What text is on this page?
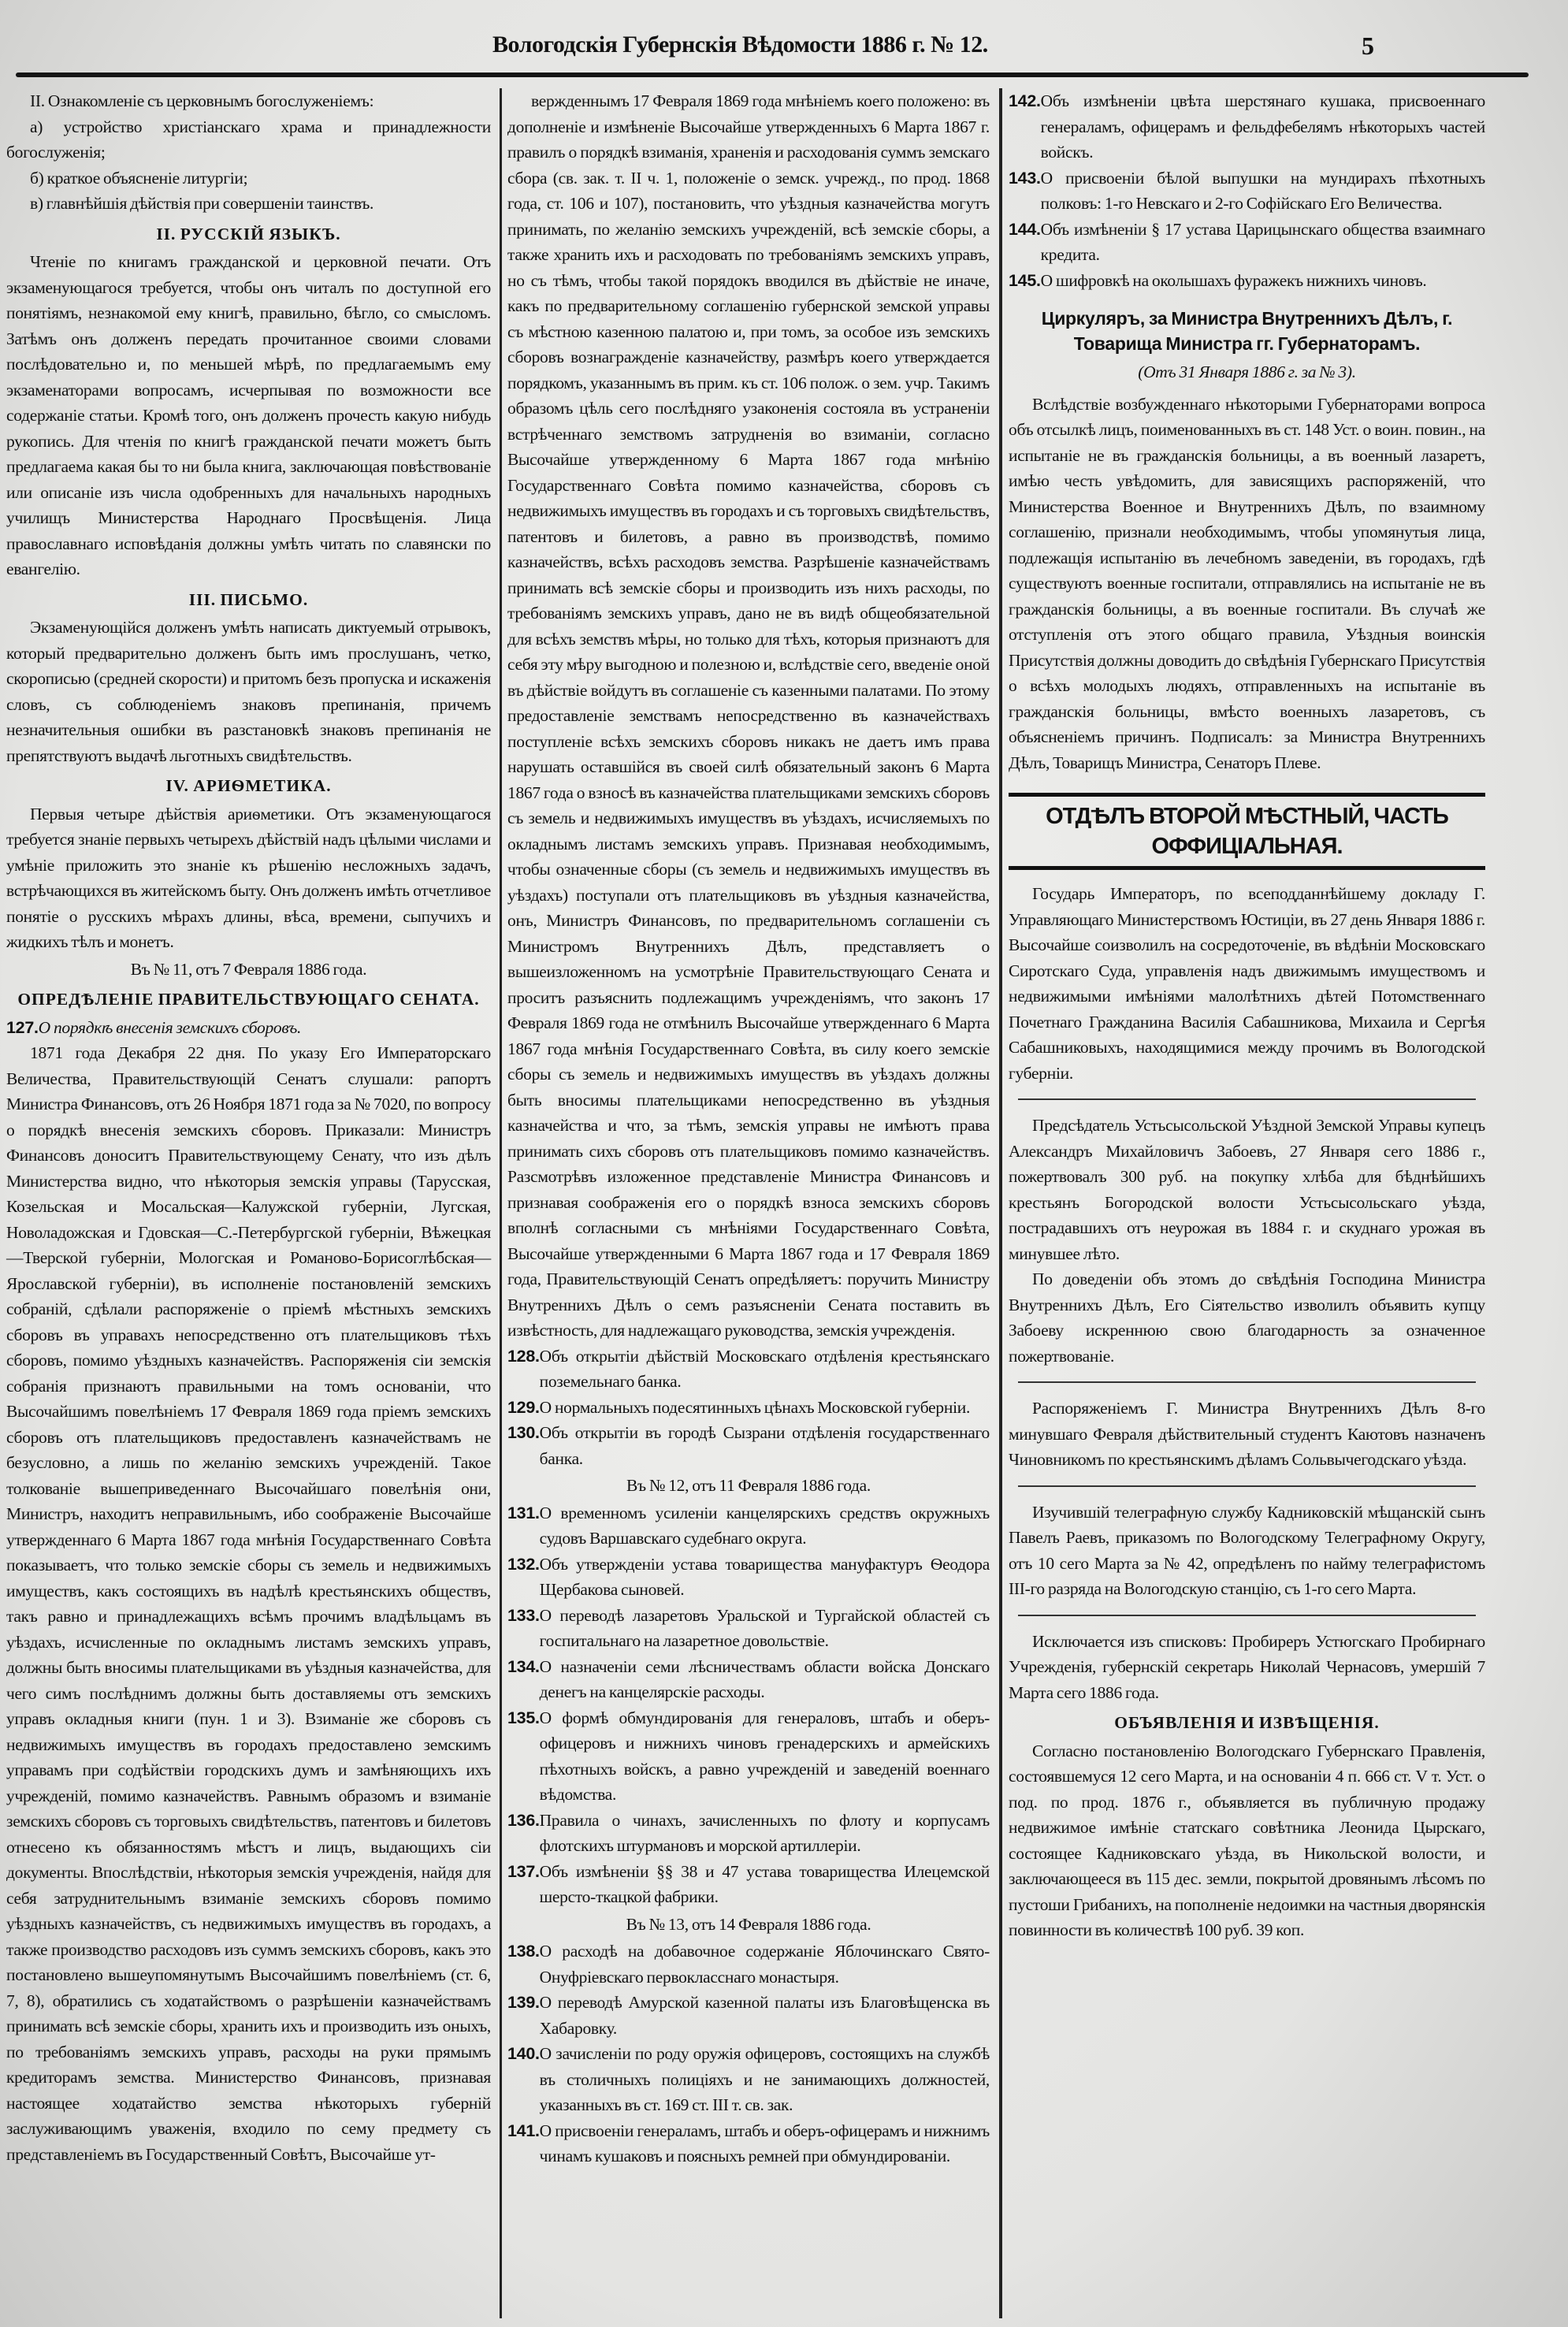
Вологодскія Губернскія Вѣдомости 1886 г. № 12.	5
II. Ознакомленіе съ церковнымъ богослуженіемъ:
а) устройство христіанскаго храма и принадлежности богослуженія;
б) краткое объясненіе литургіи;
в) главнѣйшія дѣйствія при совершеніи таинствъ.
II. РУССКІЙ ЯЗЫКЪ.
Чтеніе по книгамъ гражданской и церковной печати. Отъ экзаменующагося требуется, чтобы онъ читалъ по доступной его понятіямъ, незнакомой ему книгѣ, правильно, бѣгло, со смысломъ. Затѣмъ онъ долженъ передать прочитанное своими словами послѣдовательно и, по меньшей мѣрѣ, по предлагаемымъ ему экзаменаторами вопросамъ, исчерпывая по возможности все содержаніе статьи. Кромѣ того, онъ долженъ прочесть какую нибудь рукопись. Для чтенія по книгѣ гражданской печати можетъ быть предлагаема какая бы то ни была книга, заключающая повѣствованіе или описаніе изъ числа одобренныхъ для начальныхъ народныхъ училищъ Министерства Народнаго Просвѣщенія. Лица православнаго исповѣданія должны умѣть читать по славянски по евангелію.
III. ПИСЬМО.
Экзаменующійся долженъ умѣть написать диктуемый отрывокъ, который предварительно долженъ быть имъ прослушанъ, четко, скорописью (средней скорости) и притомъ безъ пропуска и искаженія словъ, съ соблюденіемъ знаковъ препинанія, причемъ незначительныя ошибки въ разстановкѣ знаковъ препинанія не препятствуютъ выдачѣ льготныхъ свидѣтельствъ.
IV. АРИѲМЕТИКА.
Первыя четыре дѣйствія ариѳметики. Отъ экзаменующагося требуется знаніе первыхъ четырехъ дѣйствій надъ цѣлыми числами и умѣніе приложить это знаніе къ рѣшенію несложныхъ задачъ, встрѣчающихся въ житейскомъ быту. Онъ долженъ имѣть отчетливое понятіе о русскихъ мѣрахъ длины, вѣса, времени, сыпучихъ и жидкихъ тѣлъ и монетъ.
Въ № 11, отъ 7 Февраля 1886 года.
ОПРЕДѢЛЕНІЕ ПРАВИТЕЛЬСТВУЮЩАГО СЕНАТА.
127. О порядкѣ внесенія земскихъ сборовъ.
1871 года Декабря 22 дня. По указу Его Императорскаго Величества, Правительствующій Сенатъ слушали: рапортъ Министра Финансовъ, отъ 26 Ноября 1871 года за № 7020, по вопросу о порядкѣ внесенія земскихъ сборовъ. Приказали: Министръ Финансовъ доноситъ Правительствующему Сенату, что изъ дѣлъ Министерства видно, что нѣкоторыя земскія управы (Тарусская, Козельская и Мосальская—Калужской губерніи, Лугская, Новоладожская и Гдовская—С.-Петербургской губерніи, Вѣжецкая—Тверской губерніи, Мологская и Романово-Борисоглѣбская—Ярославской губерніи), въ исполненіе постановленій земскихъ собраній, сдѣлали распоряженіе о пріемѣ мѣстныхъ земскихъ сборовъ въ управахъ непосредственно отъ плательщиковъ тѣхъ сборовъ, помимо уѣздныхъ казначействъ. Распоряженія сіи земскія собранія признаютъ правильными на томъ основаніи, что Высочайшимъ повелѣніемъ 17 Февраля 1869 года пріемъ земскихъ сборовъ отъ плательщиковъ предоставленъ казначействамъ не безусловно, а лишь по желанію земскихъ учрежденій. Такое толкованіе вышеприведеннаго Высочайшаго повелѣнія они, Министръ, находитъ неправильнымъ, ибо соображеніе Высочайше утвержденнаго 6 Марта 1867 года мнѣнія Государственнаго Совѣта показываетъ, что только земскіе сборы съ земель и недвижимыхъ имуществъ, какъ состоящихъ въ надѣлѣ крестьянскихъ обществъ, такъ равно и принадлежащихъ всѣмъ прочимъ владѣльцамъ въ уѣздахъ, исчисленные по окладнымъ листамъ земскихъ управъ, должны быть вносимы плательщиками въ уѣздныя казначейства, для чего симъ послѣднимъ должны быть доставляемы отъ земскихъ управъ окладныя книги (пун. 1 и 3). Взиманіе же сборовъ съ недвижимыхъ имуществъ въ городахъ предоставлено земскимъ управамъ при содѣйствіи городскихъ думъ и замѣняющихъ ихъ учрежденій, помимо казначействъ. Равнымъ образомъ и взиманіе земскихъ сборовъ съ торговыхъ свидѣтельствъ, патентовъ и билетовъ отнесено къ обязанностямъ мѣстъ и лицъ, выдающихъ сіи документы. Впослѣдствіи, нѣкоторыя земскія учрежденія, найдя для себя затруднительнымъ взиманіе земскихъ сборовъ помимо уѣздныхъ казначействъ, съ недвижимыхъ имуществъ въ городахъ, а также производство расходовъ изъ суммъ земскихъ сборовъ, какъ это постановлено вышеупомянутымъ Высочайшимъ повелѣніемъ (ст. 6, 7, 8), обратились съ ходатайствомъ о разрѣшеніи казначействамъ принимать всѣ земскіе сборы, хранить ихъ и производить изъ оныхъ, по требованіямъ земскихъ управъ, расходы на руки прямымъ кредиторамъ земства. Министерство Финансовъ, признавая настоящее ходатайство земства нѣкоторыхъ губерній заслуживающимъ уваженія, входило по сему предмету съ представленіемъ въ Государственный Совѣтъ, Высочайше ут-
вержденнымъ 17 Февраля 1869 года мнѣніемъ коего положено: въ дополненіе и измѣненіе Высочайше утвержденныхъ 6 Марта 1867 г. правилъ о порядкѣ взиманія, храненія и расходованія суммъ земскаго сбора (св. зак. т. II ч. 1, положеніе о земск. учрежд., по прод. 1868 года, ст. 106 и 107), постановить, что уѣздныя казначейства могутъ принимать, по желанію земскихъ учрежденій, всѣ земскіе сборы, а также хранить ихъ и расходовать по требованіямъ земскихъ управъ, но съ тѣмъ, чтобы такой порядокъ вводился въ дѣйствіе не иначе, какъ по предварительному соглашенію губернской земской управы съ мѣстною казенною палатою и, при томъ, за особое изъ земскихъ сборовъ вознагражденіе казначейству, размѣръ коего утверждается порядкомъ, указаннымъ въ прим. къ ст. 106 полож. о зем. учр. Такимъ образомъ цѣль сего послѣдняго узаконенія состояла въ устраненіи встрѣченнаго земствомъ затрудненія во взиманіи, согласно Высочайше утвержденному 6 Марта 1867 года мнѣнію Государственнаго Совѣта помимо казначейства, сборовъ съ недвижимыхъ имуществъ въ городахъ и съ торговыхъ свидѣтельствъ, патентовъ и билетовъ, а равно въ производствѣ, помимо казначействъ, всѣхъ расходовъ земства. Разрѣшеніе казначействамъ принимать всѣ земскіе сборы и производить изъ нихъ расходы, по требованіямъ земскихъ управъ, дано не въ видѣ общеобязательной для всѣхъ земствъ мѣры, но только для тѣхъ, которыя признаютъ для себя эту мѣру выгодною и полезною и, вслѣдствіе сего, введеніе оной въ дѣйствіе войдутъ въ соглашеніе съ казенными палатами. По этому предоставленіе земствамъ непосредственно въ казначействахъ поступленіе всѣхъ земскихъ сборовъ никакъ не даетъ имъ права нарушать оставшійся въ своей силѣ обязательный законъ 6 Марта 1867 года о взносѣ въ казначейства плательщиками земскихъ сборовъ съ земель и недвижимыхъ имуществъ въ уѣздахъ, исчисляемыхъ по окладнымъ листамъ земскихъ управъ. Признавая необходимымъ, чтобы означенные сборы (съ земель и недвижимыхъ имуществъ въ уѣздахъ) поступали отъ плательщиковъ въ уѣздныя казначейства, онъ, Министръ Финансовъ, по предварительномъ соглашеніи съ Министромъ Внутреннихъ Дѣлъ, представляетъ о вышеизложенномъ на усмотрѣніе Правительствующаго Сената и проситъ разъяснить подлежащимъ учрежденіямъ, что законъ 17 Февраля 1869 года не отмѣнилъ Высочайше утвержденнаго 6 Марта 1867 года мнѣнія Государственнаго Совѣта, въ силу коего земскіе сборы съ земель и недвижимыхъ имуществъ въ уѣздахъ должны быть вносимы плательщиками непосредственно въ уѣздныя казначейства и что, за тѣмъ, земскія управы не имѣютъ права принимать сихъ сборовъ отъ плательщиковъ помимо казначействъ. Разсмотрѣвъ изложенное представленіе Министра Финансовъ и признавая соображенія его о порядкѣ взноса земскихъ сборовъ вполнѣ согласными съ мнѣніями Государственнаго Совѣта, Высочайше утвержденными 6 Марта 1867 года и 17 Февраля 1869 года, Правительствующій Сенатъ опредѣляетъ: поручить Министру Внутреннихъ Дѣлъ о семъ разъясненіи Сената поставить въ извѣстность, для надлежащаго руководства, земскія учрежденія.
128. Объ открытіи дѣйствій Московскаго отдѣленія крестьянскаго поземельнаго банка.
129. О нормальныхъ подесятинныхъ цѣнахъ Московской губерніи.
130. Объ открытіи въ городѣ Сызрани отдѣленія государственнаго банка.
Въ № 12, отъ 11 Февраля 1886 года.
131. О временномъ усиленіи канцелярскихъ средствъ окружныхъ судовъ Варшавскаго судебнаго округа.
132. Объ утвержденіи устава товарищества мануфактуръ Ѳеодора Щербакова сыновей.
133. О переводѣ лазаретовъ Уральской и Тургайской областей съ госпитальнаго на лазаретное довольствіе.
134. О назначеніи семи лѣсничествамъ области войска Донскаго денегъ на канцелярскіе расходы.
135. О формѣ обмундированія для генераловъ, штабъ и оберъ-офицеровъ и нижнихъ чиновъ гренадерскихъ и армейскихъ пѣхотныхъ войскъ, а равно учрежденій и заведеній военнаго вѣдомства.
136. Правила о чинахъ, зачисленныхъ по флоту и корпусамъ флотскихъ штурмановъ и морской артиллеріи.
137. Объ измѣненіи §§ 38 и 47 устава товарищества Илецемской шерсто-ткацкой фабрики.
Въ № 13, отъ 14 Февраля 1886 года.
138. О расходѣ на добавочное содержаніе Яблочинскаго Свято-Онуфріевскаго первокласснаго монастыря.
139. О переводѣ Амурской казенной палаты изъ Благовѣщенска въ Хабаровку.
140. О зачисленіи по роду оружія офицеровъ, состоящихъ на службѣ въ столичныхъ полиціяхъ и не занимающихъ должностей, указанныхъ въ ст. 169 ст. III т. св. зак.
141. О присвоеніи генераламъ, штабъ и оберъ-офицерамъ и нижнимъ чинамъ кушаковъ и поясныхъ ремней при обмундированіи.
142. Объ измѣненіи цвѣта шерстянаго кушака, присвоеннаго генераламъ, офицерамъ и фельдфебелямъ нѣкоторыхъ частей войскъ.
143. О присвоеніи бѣлой выпушки на мундирахъ пѣхотныхъ полковъ: 1-го Невскаго и 2-го Софійскаго Его Величества.
144. Объ измѣненіи § 17 устава Царицынскаго общества взаимнаго кредита.
145. О шифровкѣ на околышахъ фуражекъ нижнихъ чиновъ.
Циркуляръ, за Министра Внутреннихъ Дѣлъ, г. Товарища Министра гг. Губернаторамъ.
(Отъ 31 Января 1886 г. за № 3).
Вслѣдствіе возбужденнаго нѣкоторыми Губернаторами вопроса объ отсылкѣ лицъ, поименованныхъ въ ст. 148 Уст. о воин. повин., на испытаніе не въ гражданскія больницы, а въ военный лазаретъ, имѣю честь увѣдомить, для зависящихъ распоряженій, что Министерства Военное и Внутреннихъ Дѣлъ, по взаимному соглашенію, признали необходимымъ, чтобы упомянутыя лица, подлежащія испытанію въ лечебномъ заведеніи, въ городахъ, гдѣ существуютъ военные госпитали, отправлялись на испытаніе не въ гражданскія больницы, а въ военные госпитали. Въ случаѣ же отступленія отъ этого общаго правила, Уѣздныя воинскія Присутствія должны доводить до свѣдѣнія Губернскаго Присутствія о всѣхъ молодыхъ людяхъ, отправленныхъ на испытаніе въ гражданскія больницы, вмѣсто военныхъ лазаретовъ, съ объясненіемъ причинъ. Подписалъ: за Министра Внутреннихъ Дѣлъ, Товарищъ Министра, Сенаторъ Плеве.
ОТДѢЛЪ ВТОРОЙ МѢСТНЫЙ, ЧАСТЬ ОФФИЦІАЛЬНАЯ.
Государь Императоръ, по всеподданнѣйшему докладу Г. Управляющаго Министерствомъ Юстиціи, въ 27 день Января 1886 г. Высочайше соизволилъ на сосредоточеніе, въ вѣдѣніи Московскаго Сиротскаго Суда, управленія надъ движимымъ имуществомъ и недвижимыми имѣніями малолѣтнихъ дѣтей Потомственнаго Почетнаго Гражданина Василія Сабашникова, Михаила и Сергѣя Сабашниковыхъ, находящимися между прочимъ въ Вологодской губерніи.
Предсѣдатель Устьсысольской Уѣздной Земской Управы купецъ Александръ Михайловичъ Забоевъ, 27 Января сего 1886 г., пожертвовалъ 300 руб. на покупку хлѣба для бѣднѣйшихъ крестьянъ Богородской волости Устьсысольскаго уѣзда, пострадавшихъ отъ неурожая въ 1884 г. и скуднаго урожая въ минувшее лѣто.
По доведеніи объ этомъ до свѣдѣнія Господина Министра Внутреннихъ Дѣлъ, Его Сіятельство изволилъ объявить купцу Забоеву искреннюю свою благодарность за означенное пожертвованіе.
Распоряженіемъ Г. Министра Внутреннихъ Дѣлъ 8-го минувшаго Февраля дѣйствительный студентъ Каютовъ назначенъ Чиновникомъ по крестьянскимъ дѣламъ Сольвычегодскаго уѣзда.
Изучившій телеграфную службу Кадниковскій мѣщанскій сынъ Павелъ Раевъ, приказомъ по Вологодскому Телеграфному Округу, отъ 10 сего Марта за № 42, опредѣленъ по найму телеграфистомъ III-го разряда на Вологодскую станцію, съ 1-го сего Марта.
Исключается изъ списковъ: Пробиреръ Устюгскаго Пробирнаго Учрежденія, губернскій секретарь Николай Чернасовъ, умершій 7 Марта сего 1886 года.
ОБЪЯВЛЕНІЯ И ИЗВѢЩЕНІЯ.
Согласно постановленію Вологодскаго Губернскаго Правленія, состоявшемуся 12 сего Марта, и на основаніи 4 п. 666 ст. V т. Уст. о под. по прод. 1876 г., объявляется въ публичную продажу недвижимое имѣніе статскаго совѣтника Леонида Цырскаго, состоящее Кадниковскаго уѣзда, въ Никольской волости, и заключающееся въ 115 дес. земли, покрытой дровянымъ лѣсомъ по пустоши Грибанихъ, на пополненіе недоимки на частныя дворянскія повинности въ количествѣ 100 руб. 39 коп.
